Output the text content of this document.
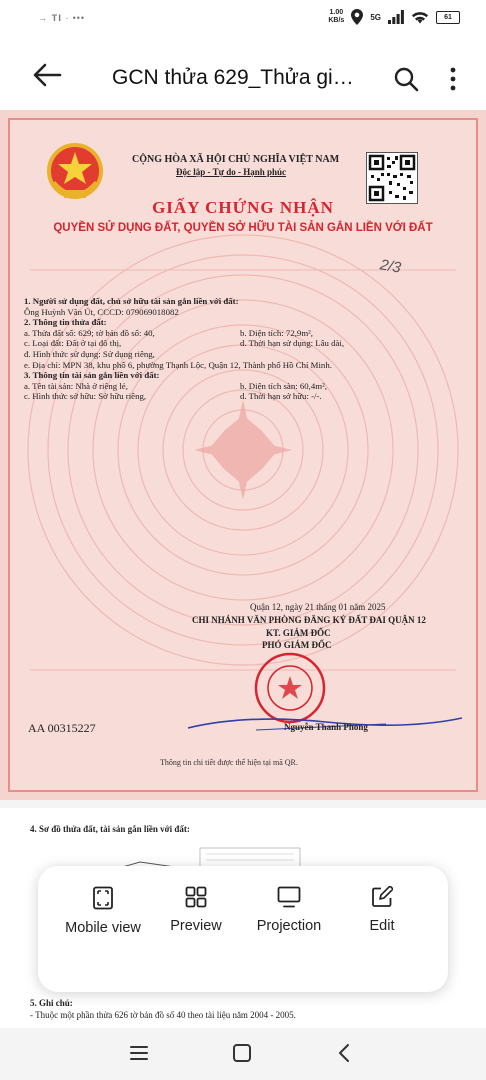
→ 𝐓𝐈 ∙ •••
1.00
KB/s	5G	61
GCN thửa 629_Thửa gi…
CỘNG HÒA XÃ HỘI CHỦ NGHĨA VIỆT NAM
Độc lập - Tự do - Hạnh phúc
GIẤY CHỨNG NHẬN
QUYỀN SỬ DỤNG ĐẤT, QUYỀN SỞ HỮU TÀI SẢN GẮN LIỀN VỚI ĐẤT
2/3
1. Người sử dụng đất, chủ sở hữu tài sản gắn liền với đất:
Ông Huỳnh Văn Út, CCCD: 079069018082
2. Thông tin thửa đất:
a. Thửa đất số: 629; tờ bản đồ số: 40,	b. Diện tích: 72,9m²,
c. Loại đất: Đất ở tại đô thị,	d. Thời hạn sử dụng: Lâu dài,
đ. Hình thức sử dụng: Sử dụng riêng,
e. Địa chỉ: MPN 38, khu phố 6, phường Thạnh Lộc, Quận 12, Thành phố Hồ Chí Minh.
3. Thông tin tài sản gắn liền với đất:
a. Tên tài sản: Nhà ở riêng lẻ,	b. Diện tích sàn: 60,4m²,
c. Hình thức sở hữu: Sở hữu riêng,	d. Thời hạn sở hữu: -/-.
Quận 12, ngày 21 tháng 01 năm 2025
CHI NHÁNH VĂN PHÒNG ĐĂNG KÝ ĐẤT ĐAI QUẬN 12
KT. GIÁM ĐỐC
PHÓ GIÁM ĐỐC
Nguyễn Thanh Phong
AA 00315227
Thông tin chi tiết được thể hiện tại mã QR.
4. Sơ đồ thửa đất, tài sản gắn liền với đất:
5. Ghi chú:
- Thuộc một phần thửa 626 tờ bản đồ số 40 theo tài liệu năm 2004 - 2005.
Mobile view	Preview	Projection	Edit
